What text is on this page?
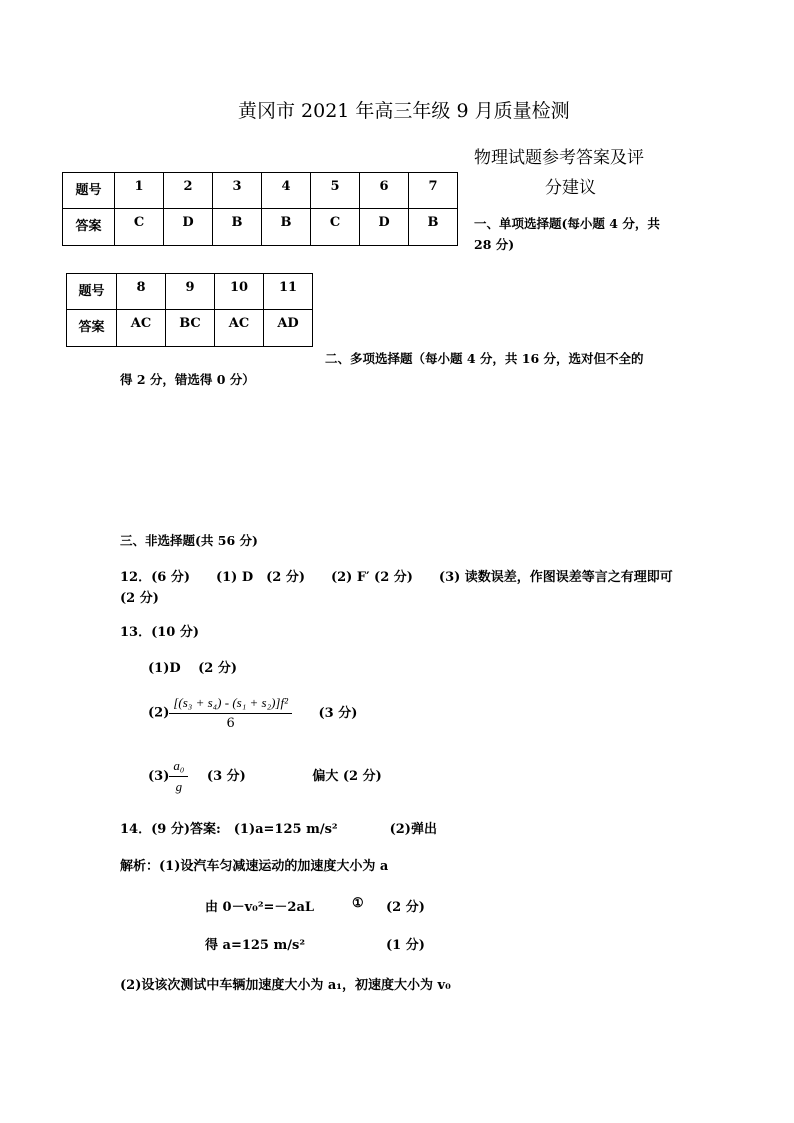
黄冈市 2021 年高三年级 9 月质量检测
物理试题参考答案及评
分建议
题号	1	2	3	4	5	6	7
答案	C	D	B	B	C	D	B	一、单项选择题(每小题 4 分，共
28 分)
题号	8	9	10	11
答案	AC	BC	AC	AD
二、多项选择题（每小题 4 分，共 16 分，选对但不全的
得 2 分，错选得 0 分）
三、非选择题(共 56 分)
12．(6 分)　　(1) D　(2 分)　　(2) F′ (2 分)　　(3) 读数误差，作图误差等言之有理即可
(2 分)
13．(10 分)
(1)D　 (2 分)
$(2) \frac{\text{[(s₃ + s₄) - (s₁ + s₂)]f²}}{6} (3$ 分)
$(3) \frac{\text{a₀}}{g} (3$ 分)	偏大 (2 分)
14．(9 分)答案:　(1)a=125 m/s²　　　　(2)弹出
解析：(1)设汽车匀减速运动的加速度大小为 a
由 0－v₀²=－2aL	① (2 分)
得 a=125 m/s²	(1 分)
(2)设该次测试中车辆加速度大小为 a₁，初速度大小为 v₀
